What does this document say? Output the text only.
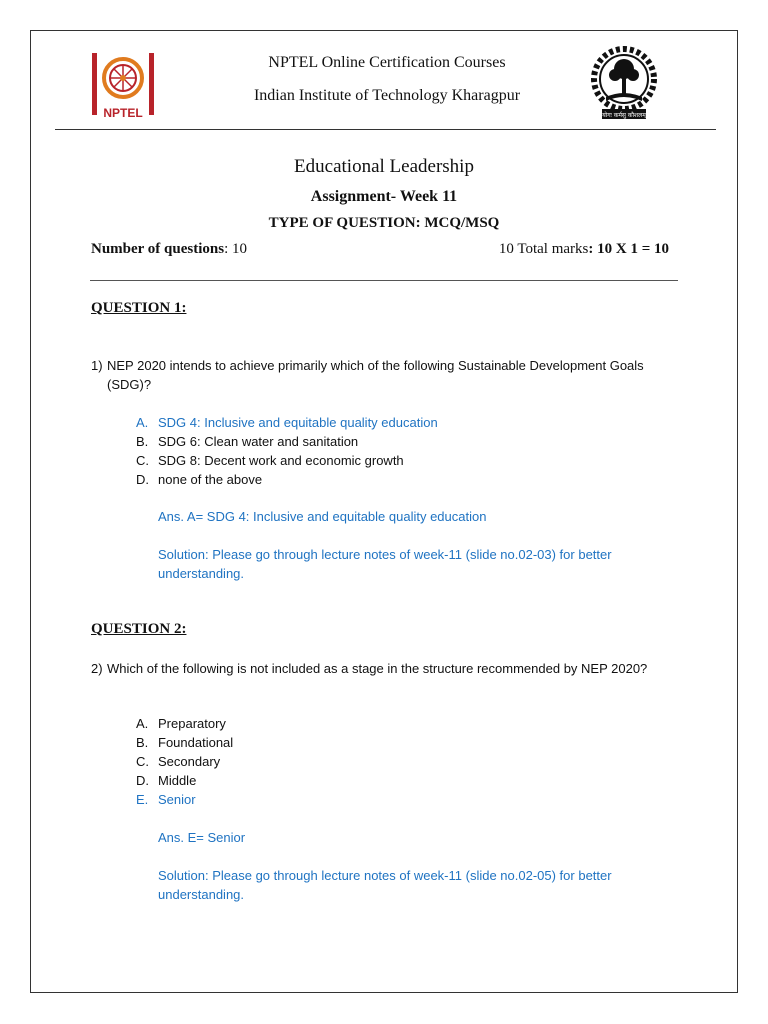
NPTEL
NPTEL Online Certification Courses
Indian Institute of Technology Kharagpur
योगः कर्मसु कौशलम्
Educational Leadership
Assignment- Week 11
TYPE OF QUESTION: MCQ/MSQ
Number of questions: 10	10 Total marks: 10 X 1 = 10
QUESTION 1:
1) NEP 2020 intends to achieve primarily which of the following Sustainable Development Goals (SDG)?
A. SDG 4: Inclusive and equitable quality education
B. SDG 6: Clean water and sanitation
C. SDG 8: Decent work and economic growth
D. none of the above
Ans. A= SDG 4: Inclusive and equitable quality education
Solution: Please go through lecture notes of week-11 (slide no.02-03) for better understanding.
QUESTION 2:
2) Which of the following is not included as a stage in the structure recommended by NEP 2020?
A. Preparatory
B. Foundational
C. Secondary
D. Middle
E. Senior
Ans. E= Senior
Solution: Please go through lecture notes of week-11 (slide no.02-05) for better understanding.
